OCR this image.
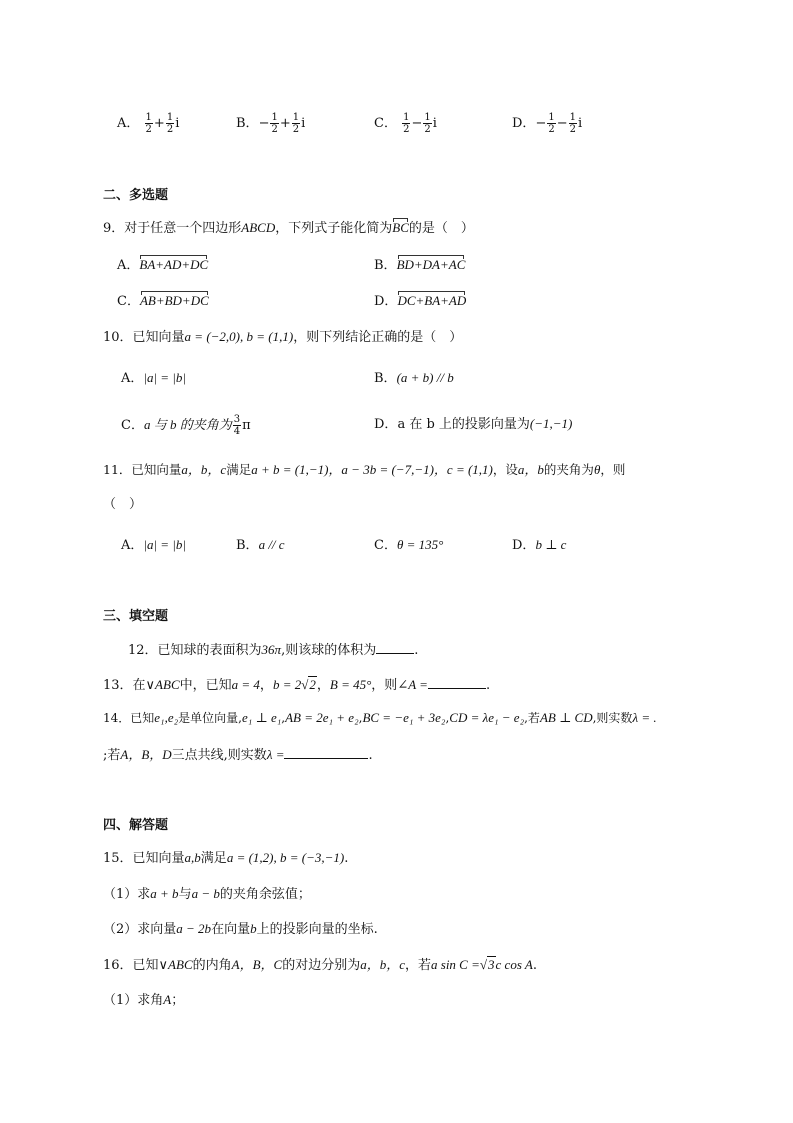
A． $\frac{1}{2} + \frac{1}{2}$ i	B．− $\frac{1}{2} + \frac{1}{2}$ i	C． $\frac{1}{2} - \frac{1}{2}$ i	D．− $\frac{1}{2} - \frac{1}{2}$ i
二、多选题
9．对于任意一个四边形ABCD，下列式子能化简为BC的是（　）
A．BA+AD+DC	B．BD+DA+AC
C．AB+BD+DC	D．DC+BA+AD
10．已知向量a = (−2,0), b = (1,1)，则下列结论正确的是（　）
A．|a| = |b|	B．(a + b) // b
C．a 与 b 的夹角为 $\frac{3}{4}$ π	D．a 在 b 上的投影向量为(−1,−1)
11．已知向量a，b，c满足a + b = (1,−1)，a − 3b = (−7,−1)，c = (1,1)，设a，b的夹角为θ，则
（　）
A．|a| = |b|	B．a // c	C．θ = 135°	D．b ⊥ c
三、填空题
12．已知球的表面积为36π,则该球的体积为	.
13．在∨ABC中，已知a = 4，b = 2√2，B = 45°，则∠A =	.
14．已知e₁,e₂是单位向量,e₁ ⊥ e₁,AB = 2e₁ + e₂,BC = −e₁ + 3e₂,CD = λe₁ − e₂,若AB ⊥ CD,则实数λ = .
;若A，B，D三点共线,则实数λ =	.
四、解答题
15．已知向量a,b满足a = (1,2), b = (−3,−1).
（1）求a + b与a − b的夹角余弦值；
（2）求向量a − 2b在向量b上的投影向量的坐标.
16．已知∨ABC的内角A，B，C的对边分别为a，b，c，若a sin C =√3c cos A.
（1）求角A；
